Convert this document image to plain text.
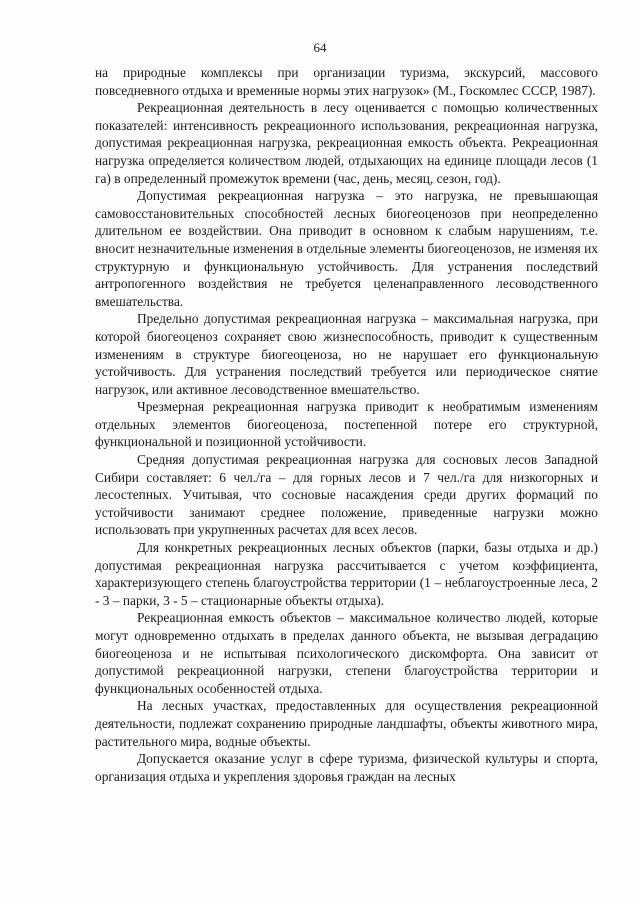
64

на природные комплексы при организации туризма, экскурсий, массового повседневного отдыха и временные нормы этих нагрузок» (М., Госкомлес СССР, 1987).

Рекреационная деятельность в лесу оценивается с помощью количественных показателей: интенсивность рекреационного использования, рекреационная нагрузка, допустимая рекреационная нагрузка, рекреационная емкость объекта. Рекреационная нагрузка определяется количеством людей, отдыхающих на единице площади лесов (1 га) в определенный промежуток времени (час, день, месяц, сезон, год).

Допустимая рекреационная нагрузка – это нагрузка, не превышающая самовосстановительных способностей лесных биогеоценозов при неопределенно длительном ее воздействии. Она приводит в основном к слабым нарушениям, т.е. вносит незначительные изменения в отдельные элементы биогеоценозов, не изменяя их структурную и функциональную устойчивость. Для устранения последствий антропогенного воздействия не требуется целенаправленного лесоводственного вмешательства.

Предельно допустимая рекреационная нагрузка – максимальная нагрузка, при которой биогеоценоз сохраняет свою жизнеспособность, приводит к существенным изменениям в структуре биогеоценоза, но не нарушает его функциональную устойчивость. Для устранения последствий требуется или периодическое снятие нагрузок, или активное лесоводственное вмешательство.

Чрезмерная рекреационная нагрузка приводит к необратимым изменениям отдельных элементов биогеоценоза, постепенной потере его структурной, функциональной и позиционной устойчивости.

Средняя допустимая рекреационная нагрузка для сосновых лесов Западной Сибири составляет: 6 чел./га – для горных лесов и 7 чел./га для низкогорных и лесостепных. Учитывая, что сосновые насаждения среди других формаций по устойчивости занимают среднее положение, приведенные нагрузки можно использовать при укрупненных расчетах для всех лесов.

Для конкретных рекреационных лесных объектов (парки, базы отдыха и др.) допустимая рекреационная нагрузка рассчитывается с учетом коэффициента, характеризующего степень благоустройства территории (1 – неблагоустроенные леса, 2 - 3 – парки, 3 - 5 – стационарные объекты отдыха).

Рекреационная емкость объектов – максимальное количество людей, которые могут одновременно отдыхать в пределах данного объекта, не вызывая деградацию биогеоценоза и не испытывая психологического дискомфорта. Она зависит от допустимой рекреационной нагрузки, степени благоустройства территории и функциональных особенностей отдыха.

На лесных участках, предоставленных для осуществления рекреационной деятельности, подлежат сохранению природные ландшафты, объекты животного мира, растительного мира, водные объекты.

Допускается оказание услуг в сфере туризма, физической культуры и спорта, организация отдыха и укрепления здоровья граждан на лесных
